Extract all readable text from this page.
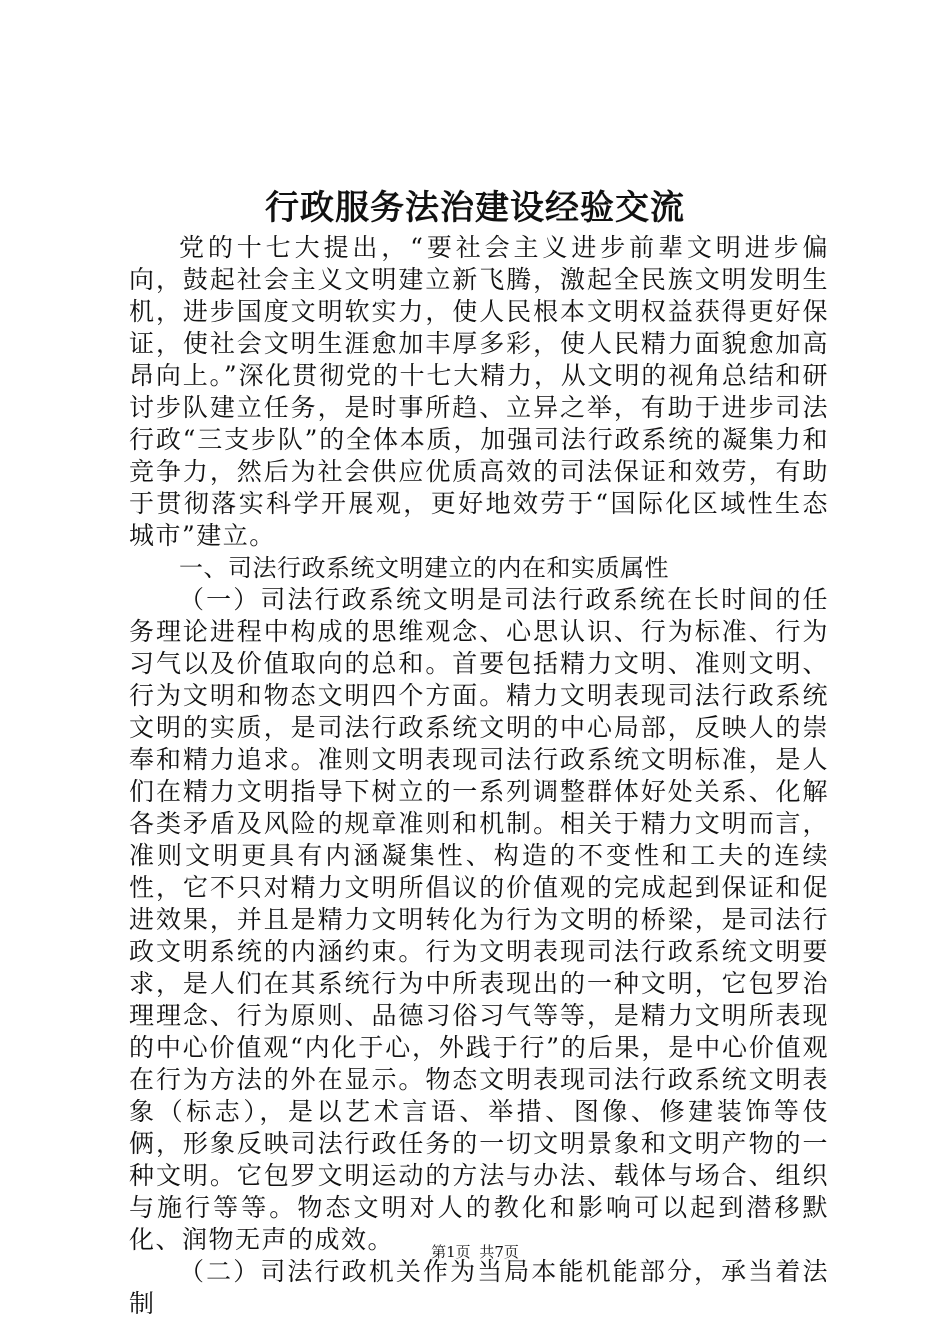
行政服务法治建设经验交流

党的十七大提出，“要社会主义进步前辈文明进步偏向，鼓起社会主义文明建立新飞腾，激起全民族文明发明生机，进步国度文明软实力，使人民根本文明权益获得更好保证，使社会文明生涯愈加丰厚多彩，使人民精力面貌愈加高昂向上。”深化贯彻党的十七大精力，从文明的视角总结和研讨步队建立任务，是时事所趋、立异之举，有助于进步司法行政“三支步队”的全体本质，加强司法行政系统的凝集力和竞争力，然后为社会供应优质高效的司法保证和效劳，有助于贯彻落实科学开展观，更好地效劳于“国际化区域性生态城市”建立。

一、司法行政系统文明建立的内在和实质属性

（一）司法行政系统文明是司法行政系统在长时间的任务理论进程中构成的思维观念、心思认识、行为标准、行为习气以及价值取向的总和。首要包括精力文明、准则文明、行为文明和物态文明四个方面。精力文明表现司法行政系统文明的实质，是司法行政系统文明的中心局部，反映人的崇奉和精力追求。准则文明表现司法行政系统文明标准，是人们在精力文明指导下树立的一系列调整群体好处关系、化解各类矛盾及风险的规章准则和机制。相关于精力文明而言，准则文明更具有内涵凝集性、构造的不变性和工夫的连续性，它不只对精力文明所倡议的价值观的完成起到保证和促进效果，并且是精力文明转化为行为文明的桥梁，是司法行政文明系统的内涵约束。行为文明表现司法行政系统文明要求，是人们在其系统行为中所表现出的一种文明，它包罗治理理念、行为原则、品德习俗习气等等，是精力文明所表现的中心价值观“内化于心，外践于行”的后果，是中心价值观在行为方法的外在显示。物态文明表现司法行政系统文明表象（标志），是以艺术言语、举措、图像、修建装饰等伎俩，形象反映司法行政任务的一切文明景象和文明产物的一种文明。它包罗文明运动的方法与办法、载体与场合、组织与施行等等。物态文明对人的教化和影响可以起到潜移默化、润物无声的成效。

（二）司法行政机关作为当局本能机能部分，承当着法制

第1页 共7页
